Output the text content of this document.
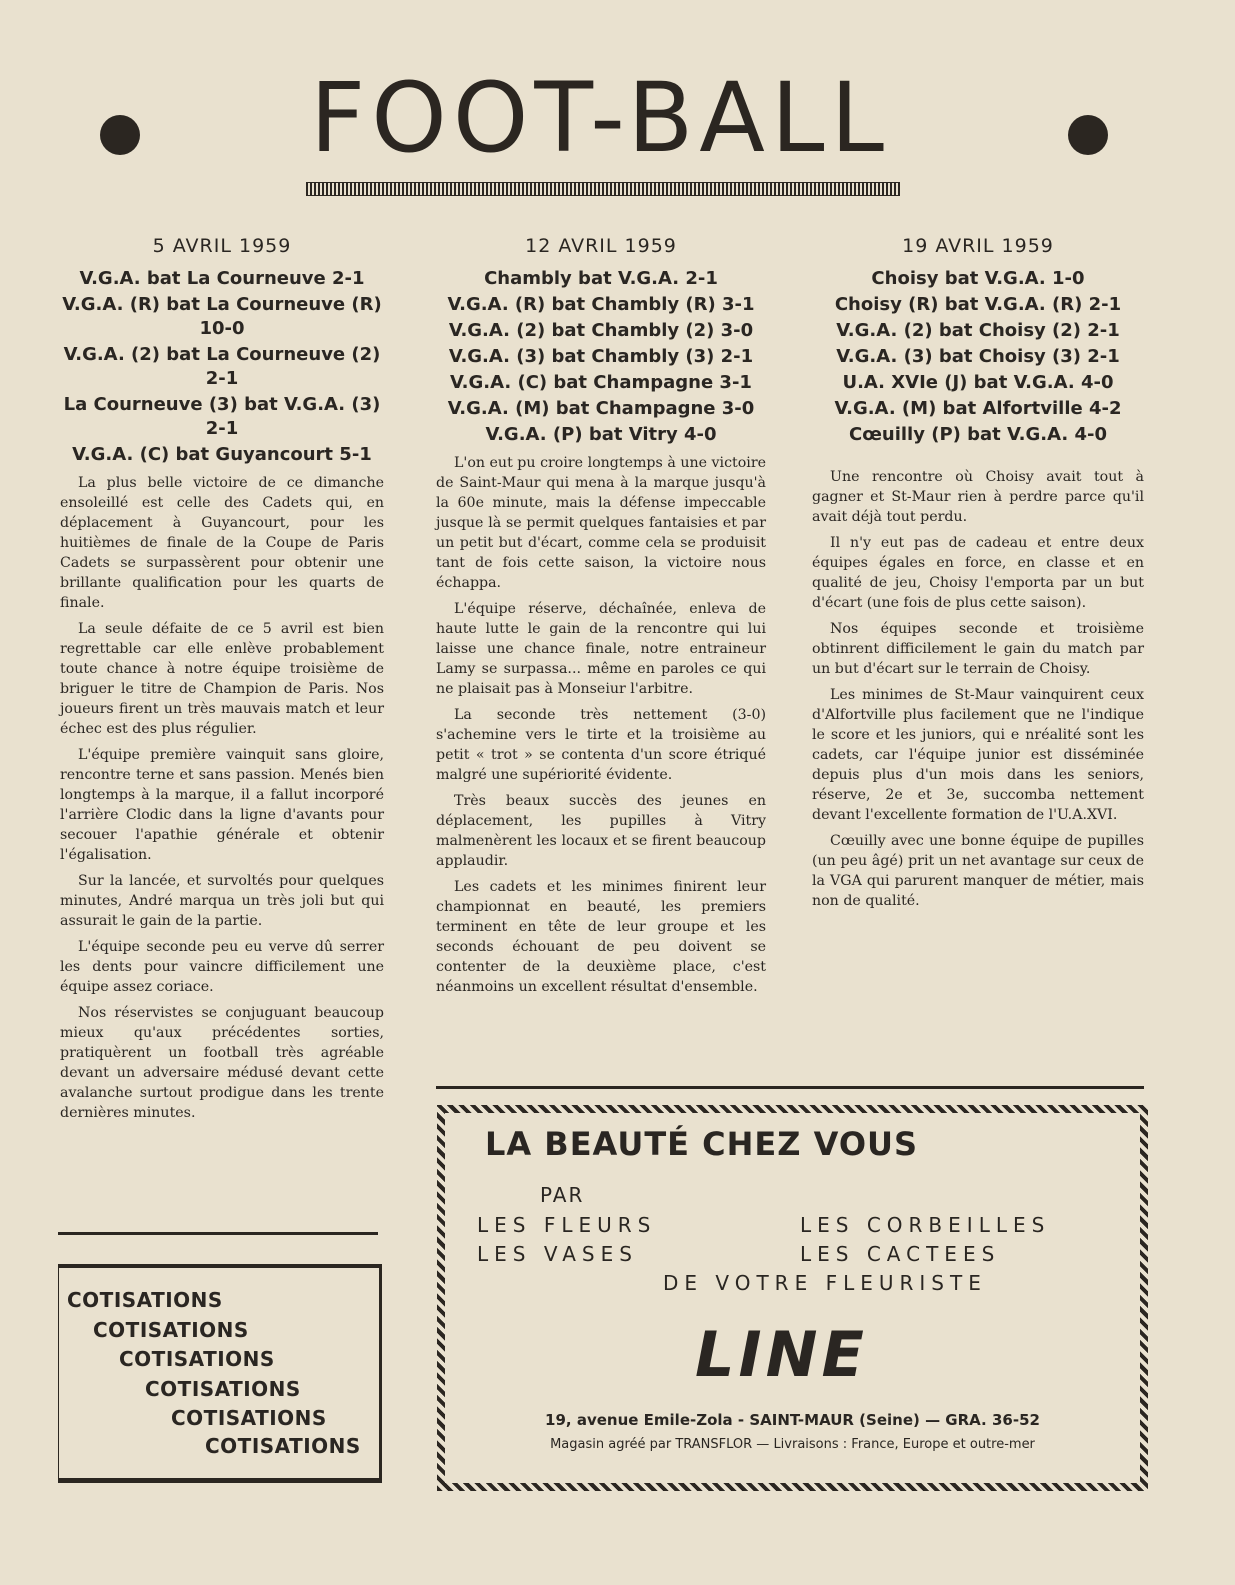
FOOT-BALL
5 AVRIL 1959

V.G.A. bat La Courneuve 2-1

V.G.A. (R) bat La Courneuve (R) 10-0

V.G.A. (2) bat La Courneuve (2) 2-1

La Courneuve (3) bat V.G.A. (3) 2-1

V.G.A. (C) bat Guyancourt 5-1

La plus belle victoire de ce dimanche ensoleillé est celle des Cadets qui, en déplacement à Guyancourt, pour les huitièmes de finale de la Coupe de Paris Cadets se surpassèrent pour obtenir une brillante qualification pour les quarts de finale.

La seule défaite de ce 5 avril est bien regrettable car elle enlève probablement toute chance à notre équipe troisième de briguer le titre de Champion de Paris. Nos joueurs firent un très mauvais match et leur échec est des plus régulier.

L'équipe première vainquit sans gloire, rencontre terne et sans passion. Menés bien longtemps à la marque, il a fallut incorporé l'arrière Clodic dans la ligne d'avants pour secouer l'apathie générale et obtenir l'égalisation.

Sur la lancée, et survoltés pour quelques minutes, André marqua un très joli but qui assurait le gain de la partie.

L'équipe seconde peu eu verve dû serrer les dents pour vaincre difficilement une équipe assez coriace.

Nos réservistes se conjuguant beaucoup mieux qu'aux précédentes sorties, pratiquèrent un football très agréable devant un adversaire médusé devant cette avalanche surtout prodigue dans les trente dernières minutes.

12 AVRIL 1959

Chambly bat V.G.A. 2-1

V.G.A. (R) bat Chambly (R) 3-1

V.G.A. (2) bat Chambly (2) 3-0

V.G.A. (3) bat Chambly (3) 2-1

V.G.A. (C) bat Champagne 3-1

V.G.A. (M) bat Champagne 3-0

V.G.A. (P) bat Vitry 4-0

L'on eut pu croire longtemps à une victoire de Saint-Maur qui mena à la marque jusqu'à la 60e minute, mais la défense impeccable jusque là se permit quelques fantaisies et par un petit but d'écart, comme cela se produisit tant de fois cette saison, la victoire nous échappa.

L'équipe réserve, déchaînée, enleva de haute lutte le gain de la rencontre qui lui laisse une chance finale, notre entraineur Lamy se surpassa... même en paroles ce qui ne plaisait pas à Monseiur l'arbitre.

La seconde très nettement (3-0) s'achemine vers le tirte et la troisième au petit « trot » se contenta d'un score étriqué malgré une supériorité évidente.

Très beaux succès des jeunes en déplacement, les pupilles à Vitry malmenèrent les locaux et se firent beaucoup applaudir.

Les cadets et les minimes finirent leur championnat en beauté, les premiers terminent en tête de leur groupe et les seconds échouant de peu doivent se contenter de la deuxième place, c'est néanmoins un excellent résultat d'ensemble.

19 AVRIL 1959

Choisy bat V.G.A. 1-0

Choisy (R) bat V.G.A. (R) 2-1

V.G.A. (2) bat Choisy (2) 2-1

V.G.A. (3) bat Choisy (3) 2-1

U.A. XVIe (J) bat V.G.A. 4-0

V.G.A. (M) bat Alfortville 4-2

Cœuilly (P) bat V.G.A. 4-0

Une rencontre où Choisy avait tout à gagner et St-Maur rien à perdre parce qu'il avait déjà tout perdu.

Il n'y eut pas de cadeau et entre deux équipes égales en force, en classe et en qualité de jeu, Choisy l'emporta par un but d'écart (une fois de plus cette saison).

Nos équipes seconde et troisième obtinrent difficilement le gain du match par un but d'écart sur le terrain de Choisy.

Les minimes de St-Maur vainquirent ceux d'Alfortville plus facilement que ne l'indique le score et les juniors, qui e nréalité sont les cadets, car l'équipe junior est disséminée depuis plus d'un mois dans les seniors, réserve, 2e et 3e, succomba nettement devant l'excellente formation de l'U.A.XVI.

Cœuilly avec une bonne équipe de pupilles (un peu âgé) prit un net avantage sur ceux de la VGA qui parurent manquer de métier, mais non de qualité.

COTISATIONS
COTISATIONS
COTISATIONS
COTISATIONS
COTISATIONS
COTISATIONS
LA BEAUTÉ CHEZ VOUS
PAR
LES FLEURS	LES CORBEILLES
LES VASES	LES CACTEES
DE VOTRE FLEURISTE
LINE
19, avenue Emile-Zola - SAINT-MAUR (Seine) — GRA. 36-52
Magasin agréé par TRANSFLOR — Livraisons : France, Europe et outre-mer
